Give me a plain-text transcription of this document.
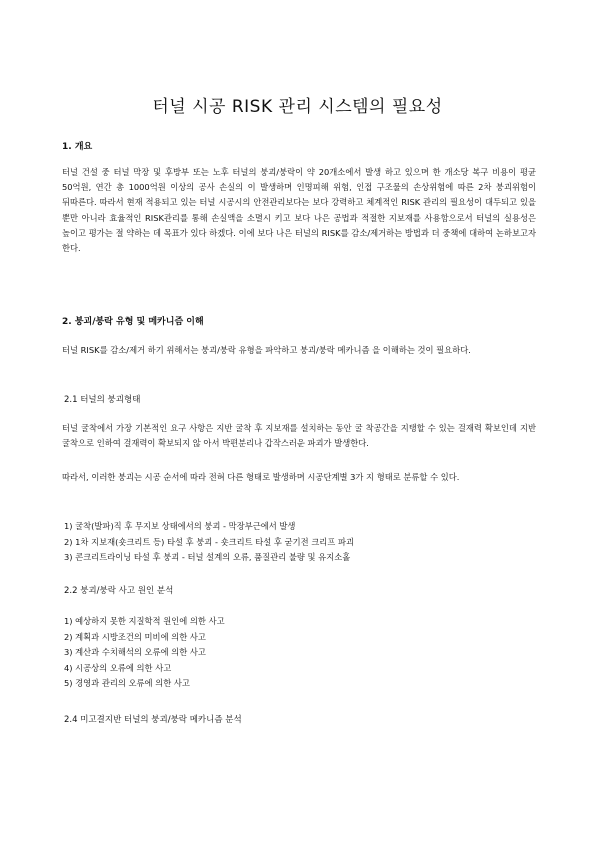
터널 시공 RISK 관리 시스템의 필요성
1. 개요
터널 건설 중 터널 막장 및 후방부 또는 노후 터널의 붕괴/붕락이 약 20개소에서 발생 하고 있으며 한 개소당 복구 비용이 평균 50억원, 연간 총 1000억원 이상의 공사 손실의 이 발생하며 인명피해 위험, 인접 구조물의 손상위험에 따른 2차 붕괴위험이 뒤따른다. 따라서 현재 적용되고 있는 터널 시공시의 안전관리보다는 보다 강력하고 체계적인 RISK 관리의 필요성이 대두되고 있을 뿐만 아니라 효율적인 RISK관리를 통해 손실액을 소멸시 키고 보다 나은 공법과 적절한 지보재를 사용함으로서 터널의 실용성은 높이고 평가는 절 약하는 데 목표가 있다 하겠다. 이에 보다 나은 터널의 RISK를 감소/제거하는 방법과 더 중책에 대하여 논하보고자 한다.
2. 붕괴/붕락 유형 및 메카니즘 이해
터널 RISK를 감소/제거 하기 위해서는 붕괴/붕락 유형을 파악하고 붕괴/붕락 메카니즘 을 이해하는 것이 필요하다.
2.1 터널의 붕괴형태
터널 굴착에서 가장 기본적인 요구 사항은 지반 굴착 후 지보재를 설치하는 동안 굴 착공간을 지탱할 수 있는 걸재력 확보인데 지반 굴착으로 인하여 걸재력이 확보되지 않 아서 박편분리나 갑작스러운 파괴가 발생한다.
따라서, 이러한 붕괴는 시공 순서에 따라 전혀 다른 형태로 발생하며 시공단계별 3가 지 형태로 분류할 수 있다.
1) 굴착(발파)직 후 무지보 상태에서의 붕괴 - 막장부근에서 발생
2) 1차 지보재(숏크리트 등) 타설 후 붕괴 - 숏크리트 타설 후 굳기전 크리프 파괴
3) 콘크리트라이닝 타설 후 붕괴 - 터널 설계의 오류, 품질관리 불량 및 유지소홀
2.2 붕괴/붕락 사고 원인 분석
1) 예상하지 못한 지질학적 원인에 의한 사고
2) 계획과 시방조건의 미비에 의한 사고
3) 계산과 수치해석의 오류에 의한 사고
4) 시공상의 오류에 의한 사고
5) 경영과 관리의 오류에 의한 사고
2.4 미고결지반 터널의 붕괴/붕락 메카니즘 분석
